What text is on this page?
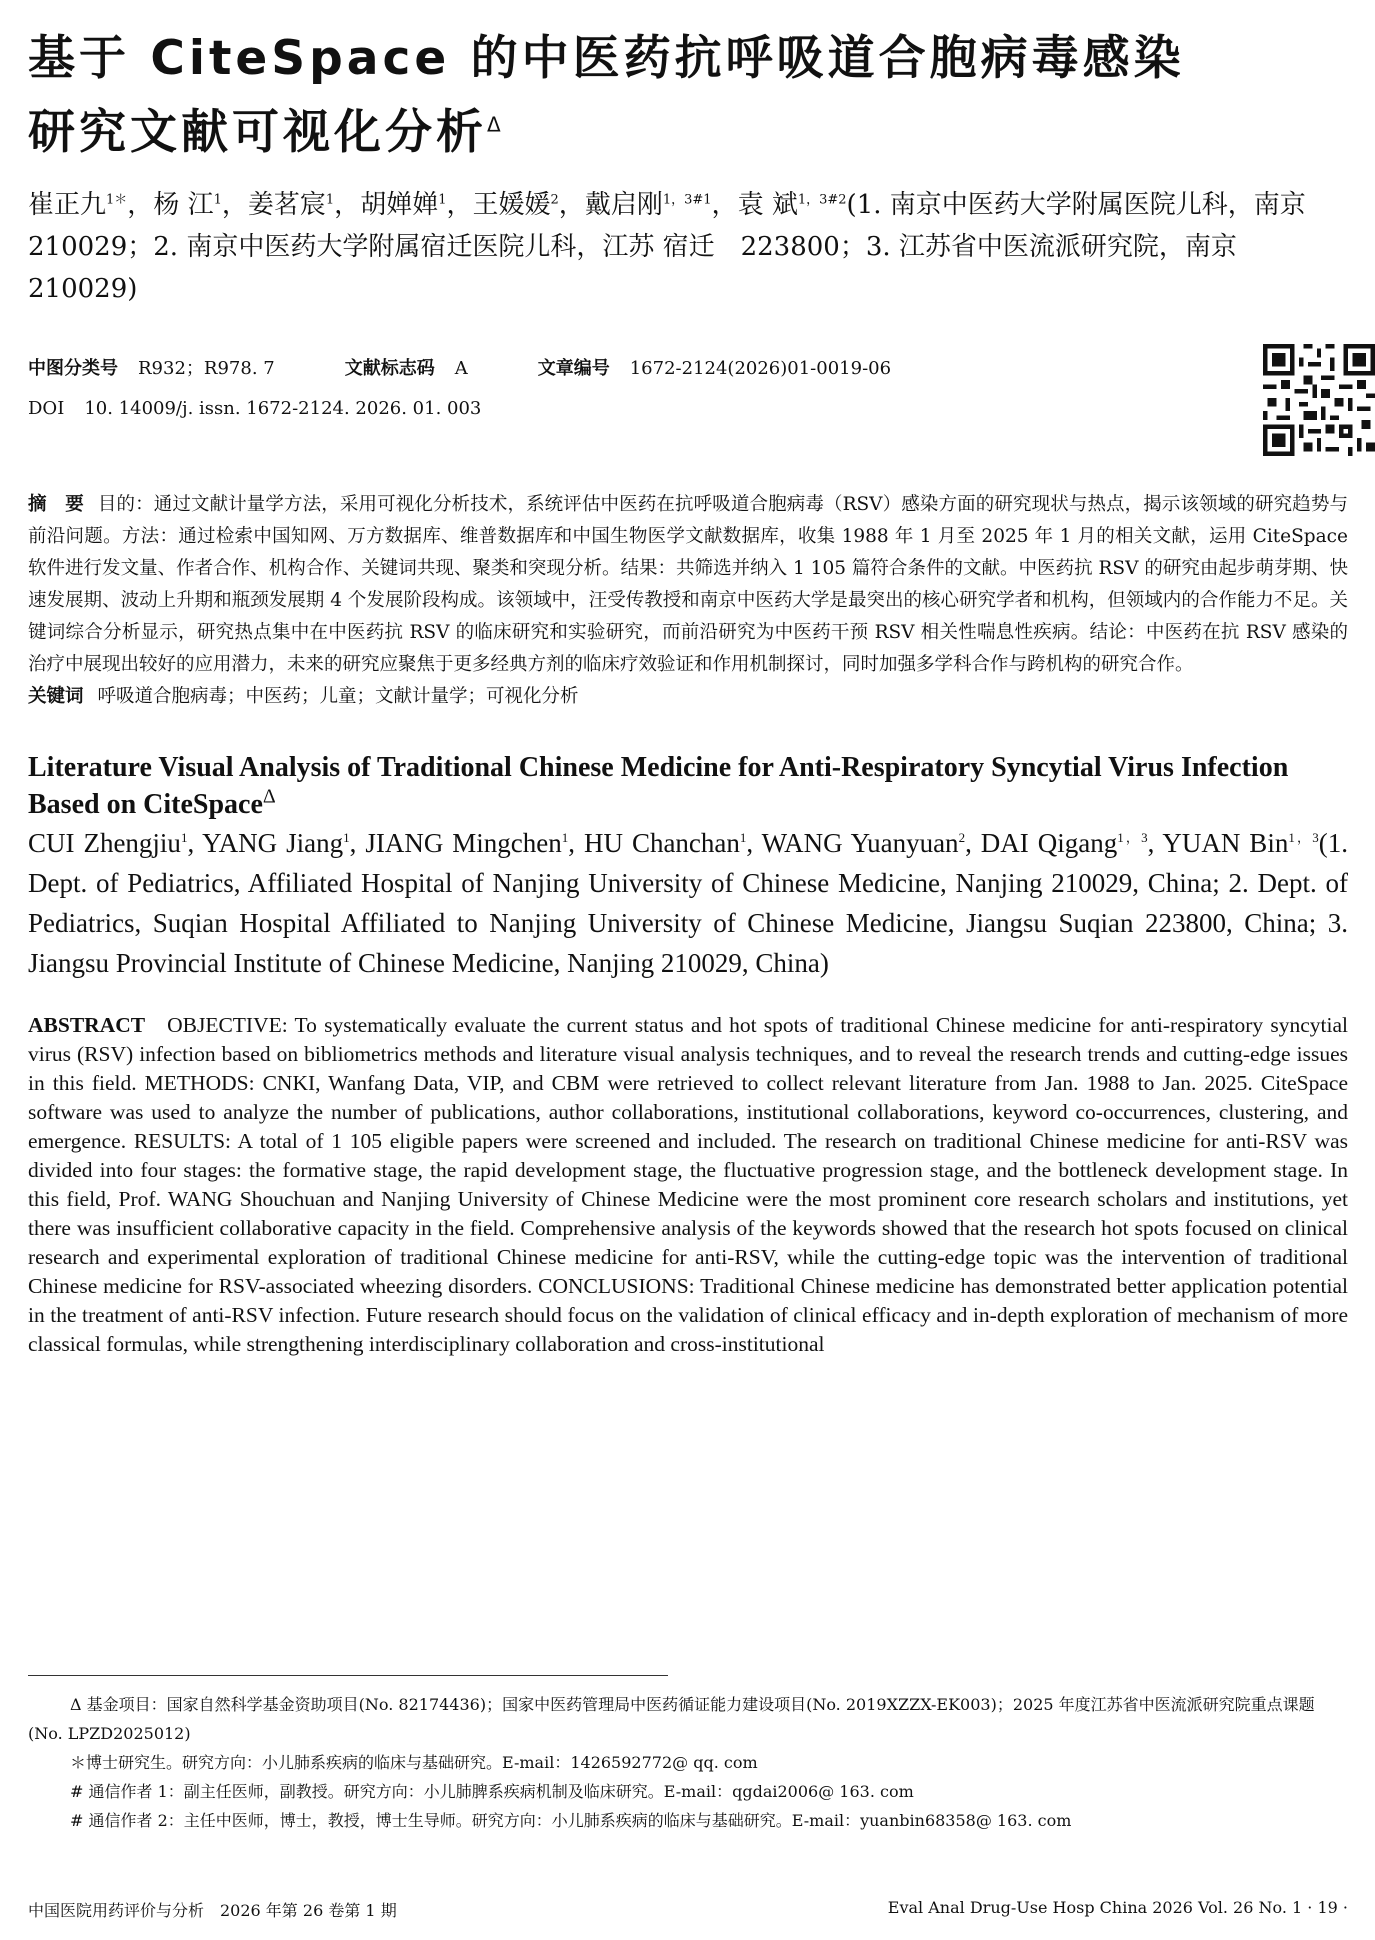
基于 CiteSpace 的中医药抗呼吸道合胞病毒感染
研究文献可视化分析$^\Delta$
崔正九$^{1*}$，杨 江$^1$，姜茗宸$^1$，胡婵婵$^1$，王媛媛$^2$，戴启刚$^{1,3\#1}$，袁 斌$^{1,3\#2}$(1. 南京中医药大学附属医院儿科，南京　210029；2. 南京中医药大学附属宿迁医院儿科，江苏 宿迁　223800；3. 江苏省中医流派研究院，南京　210029)
中图分类号 R932；R978. 7	文献标志码 A	文章编号 1672-2124(2026)01-0019-06
DOI 10. 14009/j. issn. 1672-2124. 2026. 01. 003
摘　要 目的：通过文献计量学方法，采用可视化分析技术，系统评估中医药在抗呼吸道合胞病毒（RSV）感染方面的研究现状与热点，揭示该领域的研究趋势与前沿问题。方法：通过检索中国知网、万方数据库、维普数据库和中国生物医学文献数据库，收集 1988 年 1 月至 2025 年 1 月的相关文献，运用 CiteSpace 软件进行发文量、作者合作、机构合作、关键词共现、聚类和突现分析。结果：共筛选并纳入 1 105 篇符合条件的文献。中医药抗 RSV 的研究由起步萌芽期、快速发展期、波动上升期和瓶颈发展期 4 个发展阶段构成。该领域中，汪受传教授和南京中医药大学是最突出的核心研究学者和机构，但领域内的合作能力不足。关键词综合分析显示，研究热点集中在中医药抗 RSV 的临床研究和实验研究，而前沿研究为中医药干预 RSV 相关性喘息性疾病。结论：中医药在抗 RSV 感染的治疗中展现出较好的应用潜力，未来的研究应聚焦于更多经典方剂的临床疗效验证和作用机制探讨，同时加强多学科合作与跨机构的研究合作。
关键词 呼吸道合胞病毒；中医药；儿童；文献计量学；可视化分析
Literature Visual Analysis of Traditional Chinese Medicine for Anti-Respiratory Syncytial Virus Infection Based on CiteSpace$^\Delta$
CUI Zhengjiu$^1$, YANG Jiang$^1$, JIANG Mingchen$^1$, HU Chanchan$^1$, WANG Yuanyuan$^2$, DAI Qigang$^{1,3}$, YUAN Bin$^{1,3}$(1. Dept. of Pediatrics, Affiliated Hospital of Nanjing University of Chinese Medicine, Nanjing 210029, China; 2. Dept. of Pediatrics, Suqian Hospital Affiliated to Nanjing University of Chinese Medicine, Jiangsu Suqian 223800, China; 3. Jiangsu Provincial Institute of Chinese Medicine, Nanjing 210029, China)
ABSTRACT OBJECTIVE: To systematically evaluate the current status and hot spots of traditional Chinese medicine for anti-respiratory syncytial virus (RSV) infection based on bibliometrics methods and literature visual analysis techniques, and to reveal the research trends and cutting-edge issues in this field. METHODS: CNKI, Wanfang Data, VIP, and CBM were retrieved to collect relevant literature from Jan. 1988 to Jan. 2025. CiteSpace software was used to analyze the number of publications, author collaborations, institutional collaborations, keyword co-occurrences, clustering, and emergence. RESULTS: A total of 1 105 eligible papers were screened and included. The research on traditional Chinese medicine for anti-RSV was divided into four stages: the formative stage, the rapid development stage, the fluctuative progression stage, and the bottleneck development stage. In this field, Prof. WANG Shouchuan and Nanjing University of Chinese Medicine were the most prominent core research scholars and institutions, yet there was insufficient collaborative capacity in the field. Comprehensive analysis of the keywords showed that the research hot spots focused on clinical research and experimental exploration of traditional Chinese medicine for anti-RSV, while the cutting-edge topic was the intervention of traditional Chinese medicine for RSV-associated wheezing disorders. CONCLUSIONS: Traditional Chinese medicine has demonstrated better application potential in the treatment of anti-RSV infection. Future research should focus on the validation of clinical efficacy and in-depth exploration of mechanism of more classical formulas, while strengthening interdisciplinary collaboration and cross-institutional
Δ 基金项目：国家自然科学基金资助项目(No. 82174436)；国家中医药管理局中医药循证能力建设项目(No. 2019XZZX-EK003)；2025 年度江苏省中医流派研究院重点课题(No. LPZD2025012)
＊博士研究生。研究方向：小儿肺系疾病的临床与基础研究。E-mail：1426592772@ qq. com
# 通信作者 1：副主任医师，副教授。研究方向：小儿肺脾系疾病机制及临床研究。E-mail：qgdai2006@ 163. com
# 通信作者 2：主任中医师，博士，教授，博士生导师。研究方向：小儿肺系疾病的临床与基础研究。E-mail：yuanbin68358@ 163. com
中国医院用药评价与分析　2026 年第 26 卷第 1 期	Eval Anal Drug-Use Hosp China 2026 Vol. 26 No. 1 · 19 ·
